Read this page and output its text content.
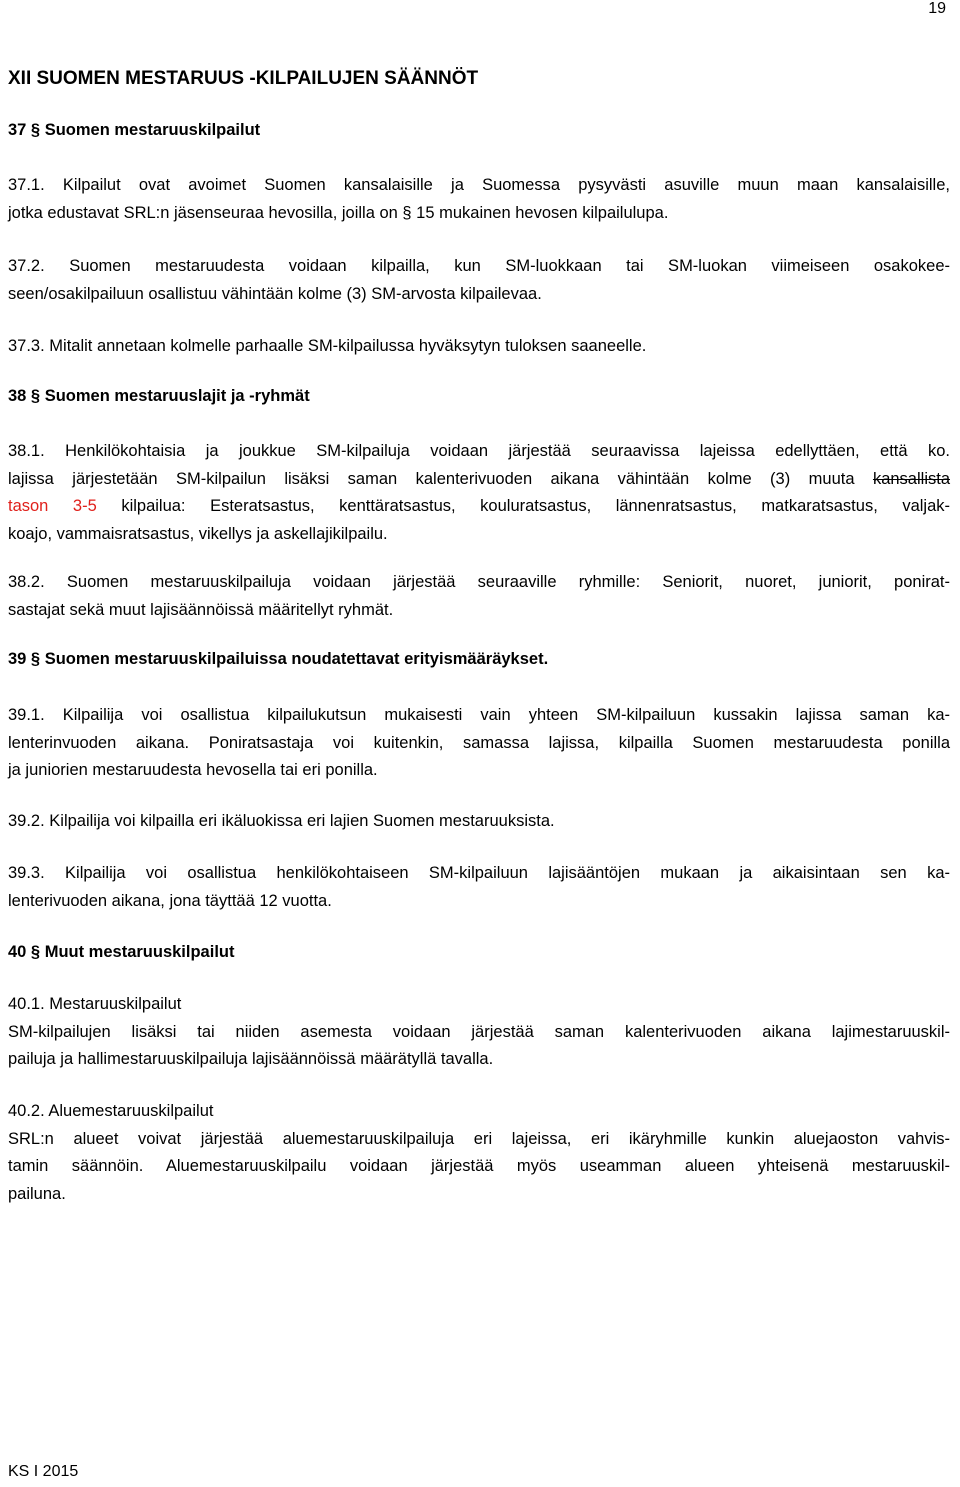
19
XII SUOMEN MESTARUUS -KILPAILUJEN SÄÄNNÖT
37 § Suomen mestaruuskilpailut
37.1. Kilpailut ovat avoimet Suomen kansalaisille ja Suomessa pysyvästi asuville muun maan kansalaisille,
jotka edustavat SRL:n jäsenseuraa hevosilla, joilla on § 15 mukainen hevosen kilpailulupa.
37.2. Suomen mestaruudesta voidaan kilpailla, kun SM-luokkaan tai SM-luokan viimeiseen osakokee-
seen/osakilpailuun osallistuu vähintään kolme (3) SM-arvosta kilpailevaa.
37.3. Mitalit annetaan kolmelle parhaalle SM-kilpailussa hyväksytyn tuloksen saaneelle.
38 § Suomen mestaruuslajit ja -ryhmät
38.1. Henkilökohtaisia ja joukkue SM-kilpailuja voidaan järjestää seuraavissa lajeissa edellyttäen, että ko.
lajissa järjestetään SM-kilpailun lisäksi saman kalenterivuoden aikana vähintään kolme (3) muuta kansallista
tason 3-5 kilpailua: Esteratsastus, kenttäratsastus, kouluratsastus, lännenratsastus, matkaratsastus, valjak-
koajo, vammaisratsastus, vikellys ja askellajikilpailu.
38.2. Suomen mestaruuskilpailuja voidaan järjestää seuraaville ryhmille: Seniorit, nuoret, juniorit, ponirat-
sastajat sekä muut lajisäännöissä määritellyt ryhmät.
39 § Suomen mestaruuskilpailuissa noudatettavat erityismääräykset.
39.1. Kilpailija voi osallistua kilpailukutsun mukaisesti vain yhteen SM-kilpailuun kussakin lajissa saman ka-
lenterinvuoden aikana. Poniratsastaja voi kuitenkin, samassa lajissa, kilpailla Suomen mestaruudesta ponilla
ja juniorien mestaruudesta hevosella tai eri ponilla.
39.2. Kilpailija voi kilpailla eri ikäluokissa eri lajien Suomen mestaruuksista.
39.3. Kilpailija voi osallistua henkilökohtaiseen SM-kilpailuun lajisääntöjen mukaan ja aikaisintaan sen ka-
lenterivuoden aikana, jona täyttää 12 vuotta.
40 § Muut mestaruuskilpailut
40.1. Mestaruuskilpailut
SM-kilpailujen lisäksi tai niiden asemesta voidaan järjestää saman kalenterivuoden aikana lajimestaruuskil-
pailuja ja hallimestaruuskilpailuja lajisäännöissä määrätyllä tavalla.
40.2. Aluemestaruuskilpailut
SRL:n alueet voivat järjestää aluemestaruuskilpailuja eri lajeissa, eri ikäryhmille kunkin aluejaoston vahvis-
tamin säännöin. Aluemestaruuskilpailu voidaan järjestää myös useamman alueen yhteisenä mestaruuskil-
pailuna.
KS I 2015
